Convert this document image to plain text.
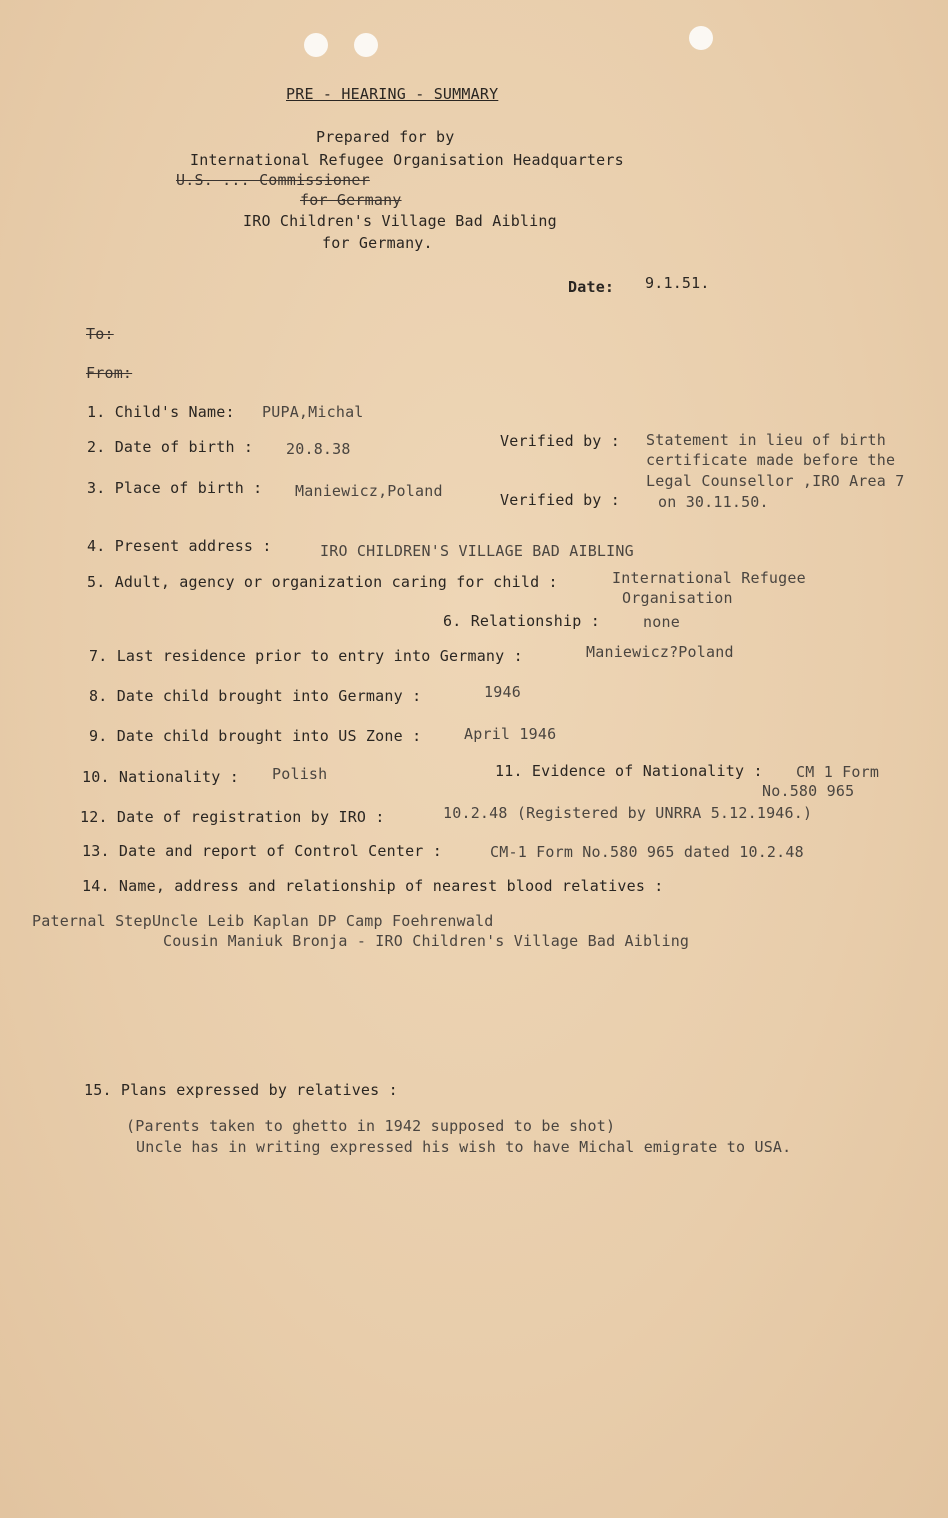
PRE - HEARING - SUMMARY
Prepared for by
International Refugee Organisation Headquarters
U.S. ... Commissioner
for Germany
IRO Children's Village Bad Aibling
for Germany.
Date: 9.1.51.
To:
From:
1. Child's Name: PUPA,Michal
2. Date of birth : 20.8.38	Verified by : Statement in lieu of birth
certificate made before the
Legal Counsellor ,IRO Area 7
on 30.11.50.
3. Place of birth : Maniewicz,Poland	Verified by :
4. Present address :	IRO CHILDREN'S VILLAGE BAD AIBLING
5. Adult, agency or organization caring for child :	International Refugee
Organisation
6. Relationship :	none
7. Last residence prior to entry into Germany :	Maniewicz?Poland
8. Date child brought into Germany :	1946
9. Date child brought into US Zone :	April 1946
10. Nationality : Polish	11. Evidence of Nationality : CM 1 Form
No.580 965
12. Date of registration by IRO :	10.2.48 (Registered by UNRRA 5.12.1946.)
13. Date and report of Control Center :	CM-1 Form No.580 965 dated 10.2.48
14. Name, address and relationship of nearest blood relatives :
Paternal StepUncle Leib Kaplan DP Camp Foehrenwald
Cousin Maniuk Bronja - IRO Children's Village Bad Aibling
15. Plans expressed by relatives :
(Parents taken to ghetto in 1942 supposed to be shot)
Uncle has in writing expressed his wish to have Michal emigrate to USA.
